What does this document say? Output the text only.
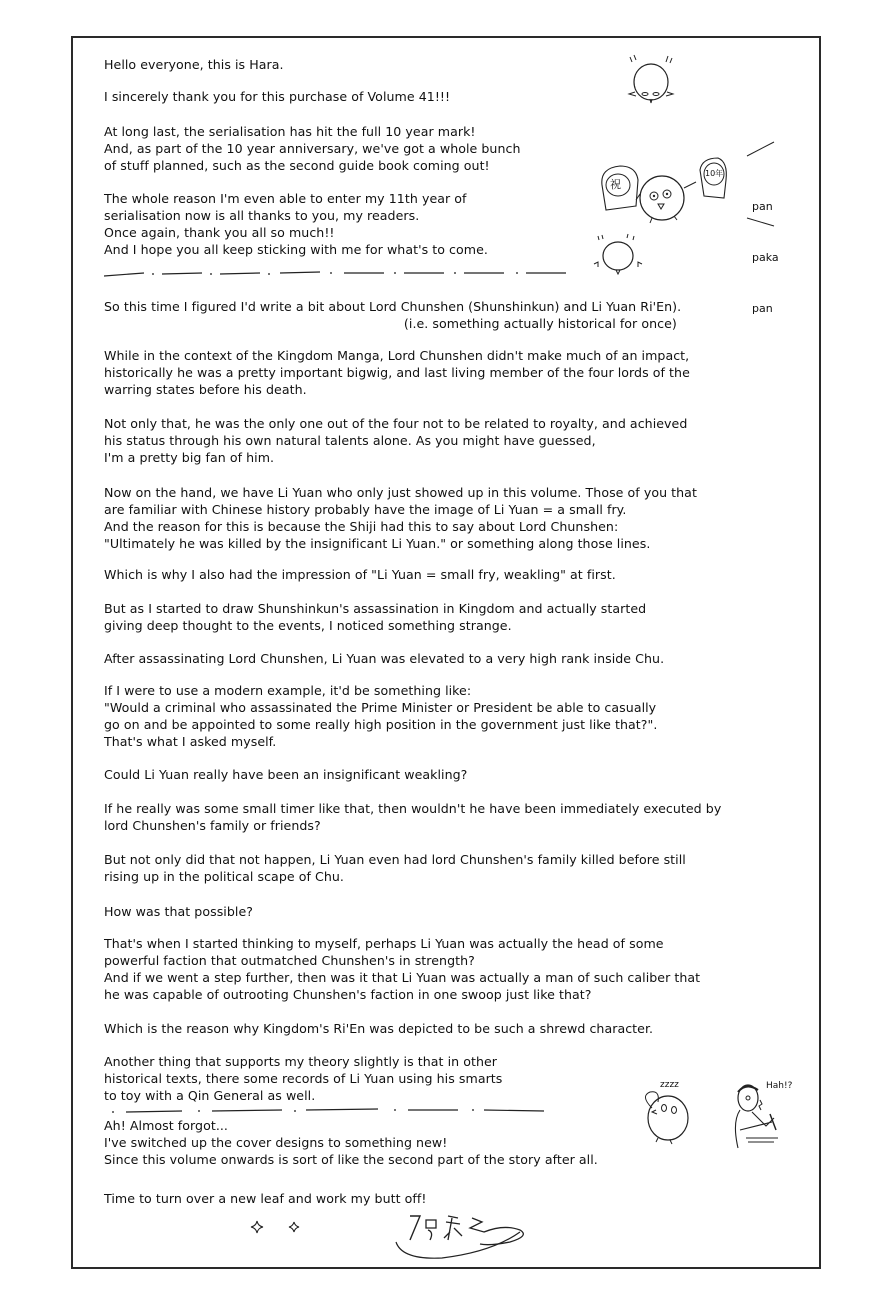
Hello everyone, this is Hara.
I sincerely thank you for this purchase of Volume 41!!!
At long last, the serialisation has hit the full 10 year mark!
And, as part of the 10 year anniversary, we've got a whole bunch
of stuff planned, such as the second guide book coming out!
The whole reason I'm even able to enter my 11th year of
serialisation now is all thanks to you, my readers.
Once again, thank you all so much!!
And I hope you all keep sticking with me for what's to come.
So this time I figured I'd write a bit about Lord Chunshen (Shunshinkun) and Li Yuan Ri'En).
(i.e. something actually historical for once)
While in the context of the Kingdom Manga, Lord Chunshen didn't make much of an impact,
historically he was a pretty important bigwig, and last living member of the four lords of the
warring states before his death.
Not only that, he was the only one out of the four not to be related to royalty, and achieved
his status through his own natural talents alone. As you might have guessed,
I'm a pretty big fan of him.
Now on the hand, we have Li Yuan who only just showed up in this volume. Those of you that
are familiar with Chinese history probably have the image of Li Yuan = a small fry.
And the reason for this is because the Shiji had this to say about Lord Chunshen:
"Ultimately he was killed by the insignificant Li Yuan." or something along those lines.
Which is why I also had the impression of "Li Yuan = small fry, weakling" at first.
But as I started to draw Shunshinkun's assassination in Kingdom and actually started
giving deep thought to the events, I noticed something strange.
After assassinating Lord Chunshen, Li Yuan was elevated to a very high rank inside Chu.
If I were to use a modern example, it'd be something like:
"Would a criminal who assassinated the Prime Minister or President be able to casually
go on and be appointed to some really high position in the government just like that?".
That's what I asked myself.
Could Li Yuan really have been an insignificant weakling?
If he really was some small timer like that, then wouldn't he have been immediately executed by
lord Chunshen's family or friends?
But not only did that not happen, Li Yuan even had lord Chunshen's family killed before still
rising up in the political scape of Chu.
How was that possible?
That's when I started thinking to myself, perhaps Li Yuan was actually the head of some
powerful faction that outmatched Chunshen's in strength?
And if we went a step further, then was it that Li Yuan was actually a man of such caliber that
he was capable of outrooting Chunshen's faction in one swoop just like that?
Which is the reason why Kingdom's Ri'En was depicted to be such a shrewd character.
Another thing that supports my theory slightly is that in other
historical texts, there some records of Li Yuan using his smarts
to toy with a Qin General as well.
Ah! Almost forgot...
I've switched up the cover designs to something new!
Since this volume onwards is sort of like the second part of the story after all.
Time to turn over a new leaf and work my butt off!
祝
10年

pan

paka

pan

zzzz	Hah!?
